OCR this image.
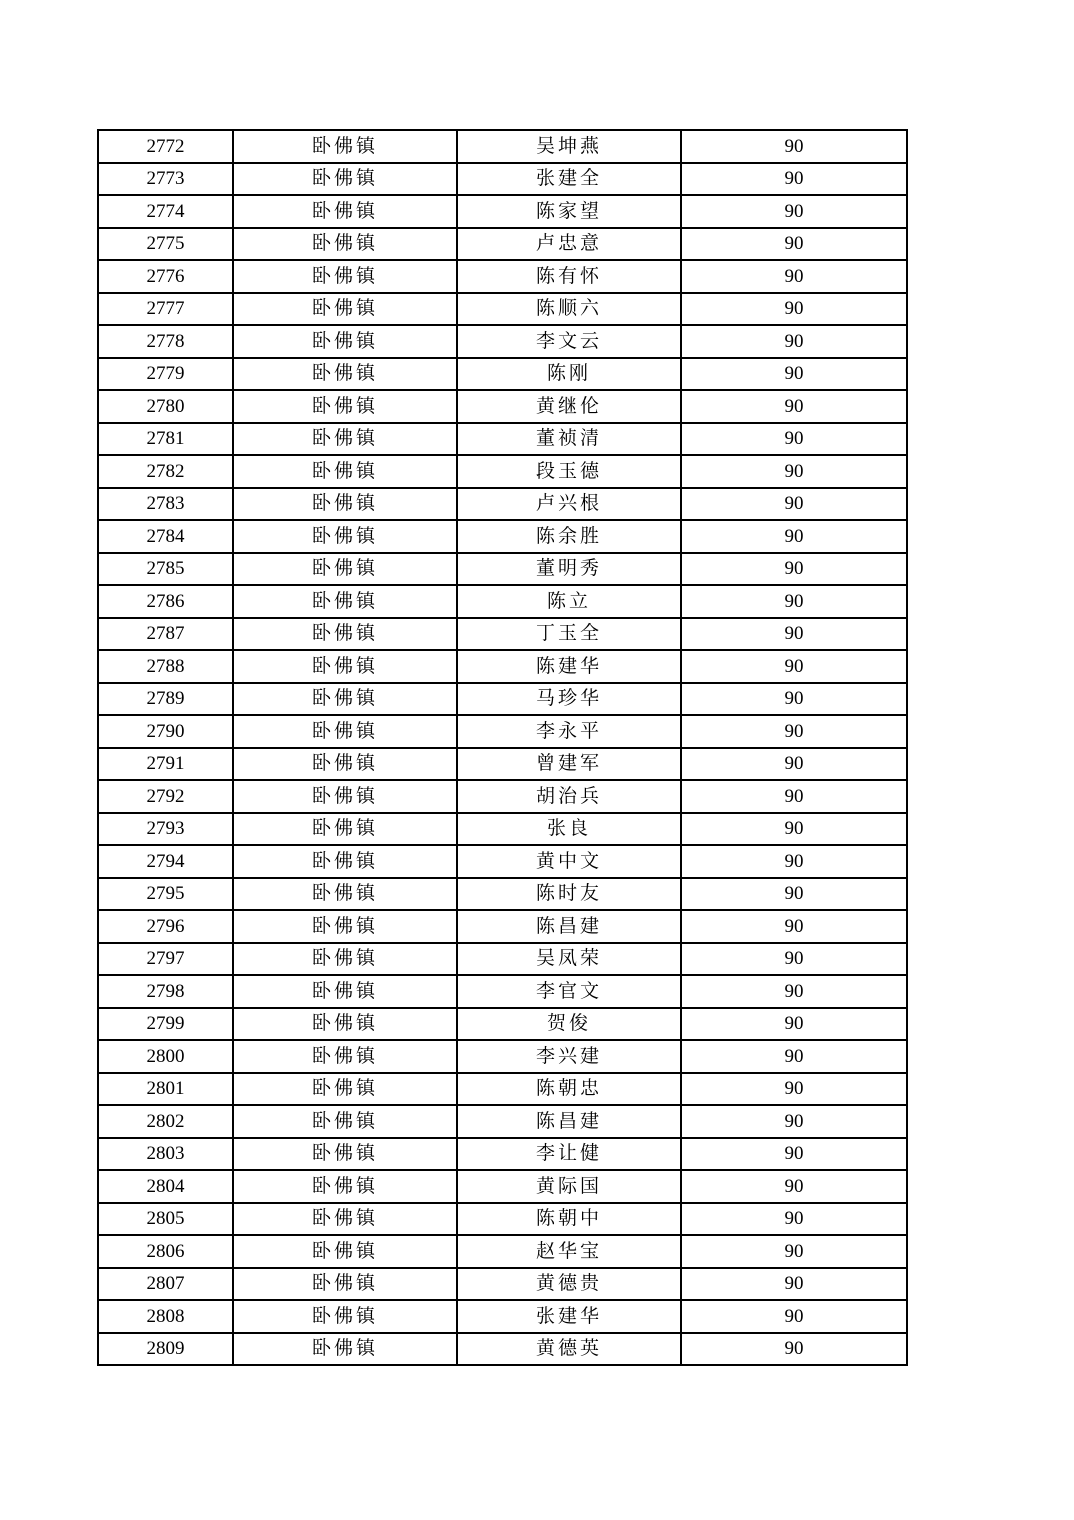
2772	卧佛镇	吴坤燕	90
2773	卧佛镇	张建全	90
2774	卧佛镇	陈家望	90
2775	卧佛镇	卢忠意	90
2776	卧佛镇	陈有怀	90
2777	卧佛镇	陈顺六	90
2778	卧佛镇	李文云	90
2779	卧佛镇	陈刚	90
2780	卧佛镇	黄继伦	90
2781	卧佛镇	董祯清	90
2782	卧佛镇	段玉德	90
2783	卧佛镇	卢兴根	90
2784	卧佛镇	陈余胜	90
2785	卧佛镇	董明秀	90
2786	卧佛镇	陈立	90
2787	卧佛镇	丁玉全	90
2788	卧佛镇	陈建华	90
2789	卧佛镇	马珍华	90
2790	卧佛镇	李永平	90
2791	卧佛镇	曾建军	90
2792	卧佛镇	胡治兵	90
2793	卧佛镇	张良	90
2794	卧佛镇	黄中文	90
2795	卧佛镇	陈时友	90
2796	卧佛镇	陈昌建	90
2797	卧佛镇	吴凤荣	90
2798	卧佛镇	李官文	90
2799	卧佛镇	贺俊	90
2800	卧佛镇	李兴建	90
2801	卧佛镇	陈朝忠	90
2802	卧佛镇	陈昌建	90
2803	卧佛镇	李让健	90
2804	卧佛镇	黄际国	90
2805	卧佛镇	陈朝中	90
2806	卧佛镇	赵华宝	90
2807	卧佛镇	黄德贵	90
2808	卧佛镇	张建华	90
2809	卧佛镇	黄德英	90
